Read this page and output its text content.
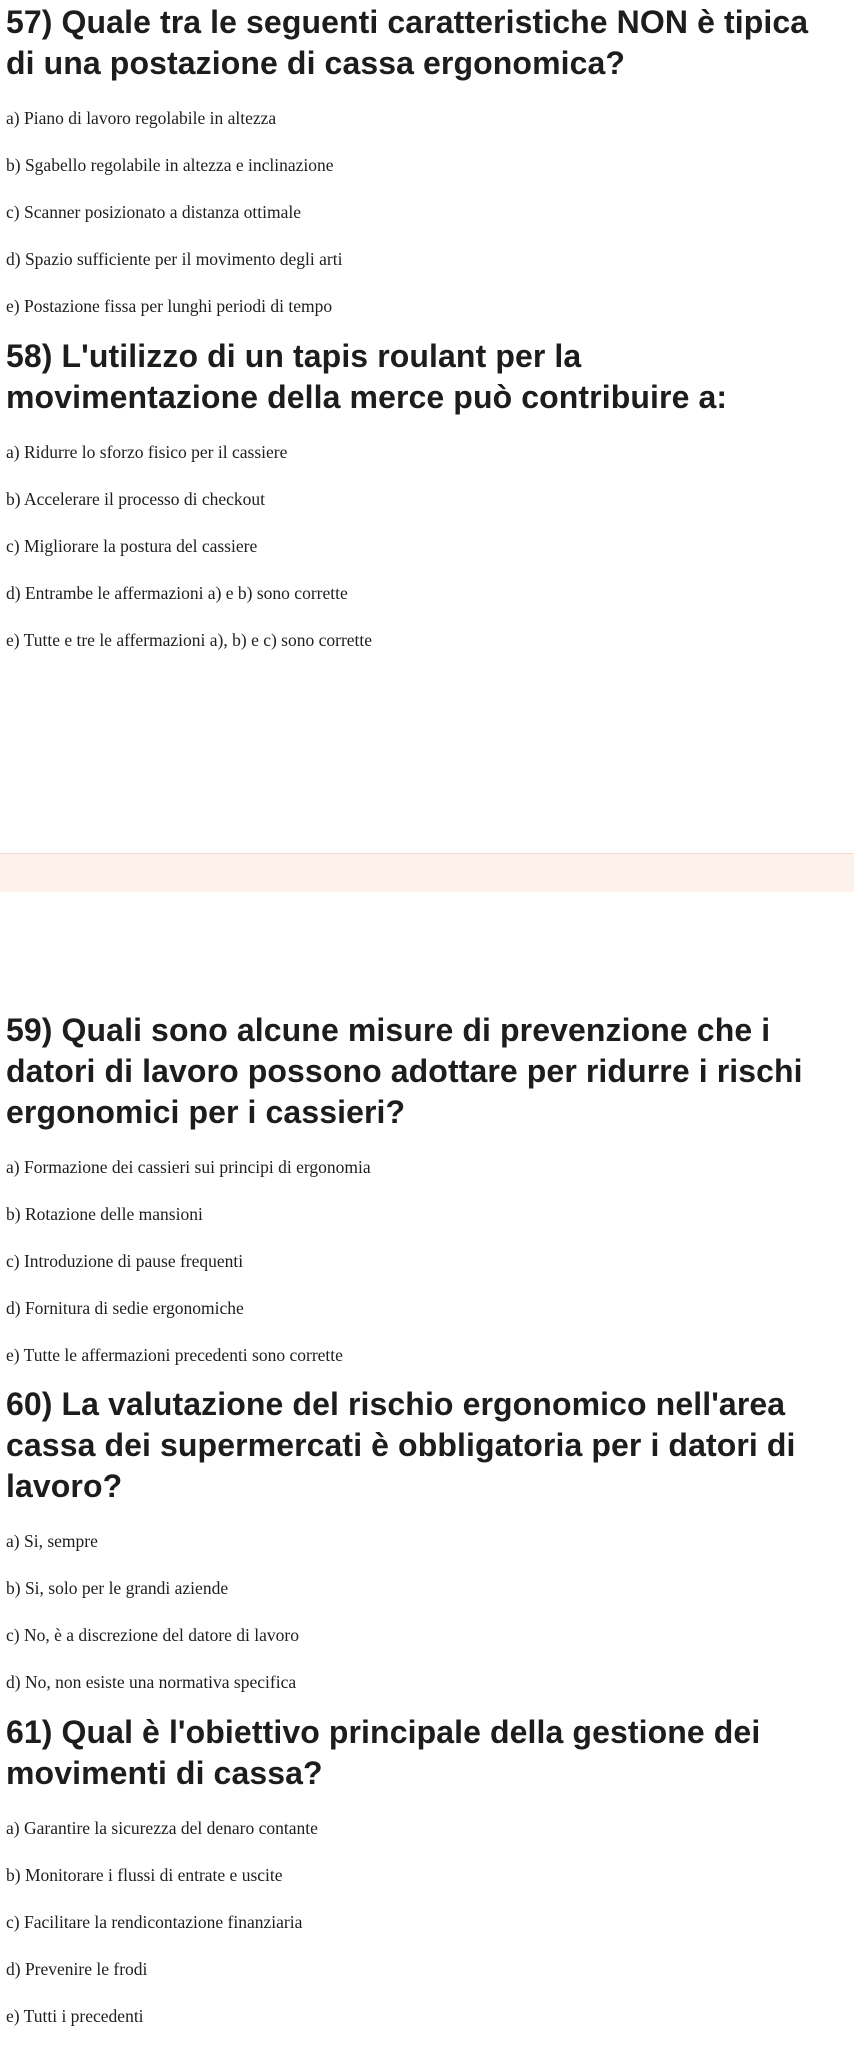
57) Quale tra le seguenti caratteristiche NON è tipica di una postazione di cassa ergonomica?
a) Piano di lavoro regolabile in altezza
b) Sgabello regolabile in altezza e inclinazione
c) Scanner posizionato a distanza ottimale
d) Spazio sufficiente per il movimento degli arti
e) Postazione fissa per lunghi periodi di tempo
58) L'utilizzo di un tapis roulant per la movimentazione della merce può contribuire a:
a) Ridurre lo sforzo fisico per il cassiere
b) Accelerare il processo di checkout
c) Migliorare la postura del cassiere
d) Entrambe le affermazioni a) e b) sono corrette
e) Tutte e tre le affermazioni a), b) e c) sono corrette
59) Quali sono alcune misure di prevenzione che i datori di lavoro possono adottare per ridurre i rischi ergonomici per i cassieri?
a) Formazione dei cassieri sui principi di ergonomia
b) Rotazione delle mansioni
c) Introduzione di pause frequenti
d) Fornitura di sedie ergonomiche
e) Tutte le affermazioni precedenti sono corrette
60) La valutazione del rischio ergonomico nell'area cassa dei supermercati è obbligatoria per i datori di lavoro?
a) Si, sempre
b) Si, solo per le grandi aziende
c) No, è a discrezione del datore di lavoro
d) No, non esiste una normativa specifica
61) Qual è l'obiettivo principale della gestione dei movimenti di cassa?
a) Garantire la sicurezza del denaro contante
b) Monitorare i flussi di entrate e uscite
c) Facilitare la rendicontazione finanziaria
d) Prevenire le frodi
e) Tutti i precedenti
